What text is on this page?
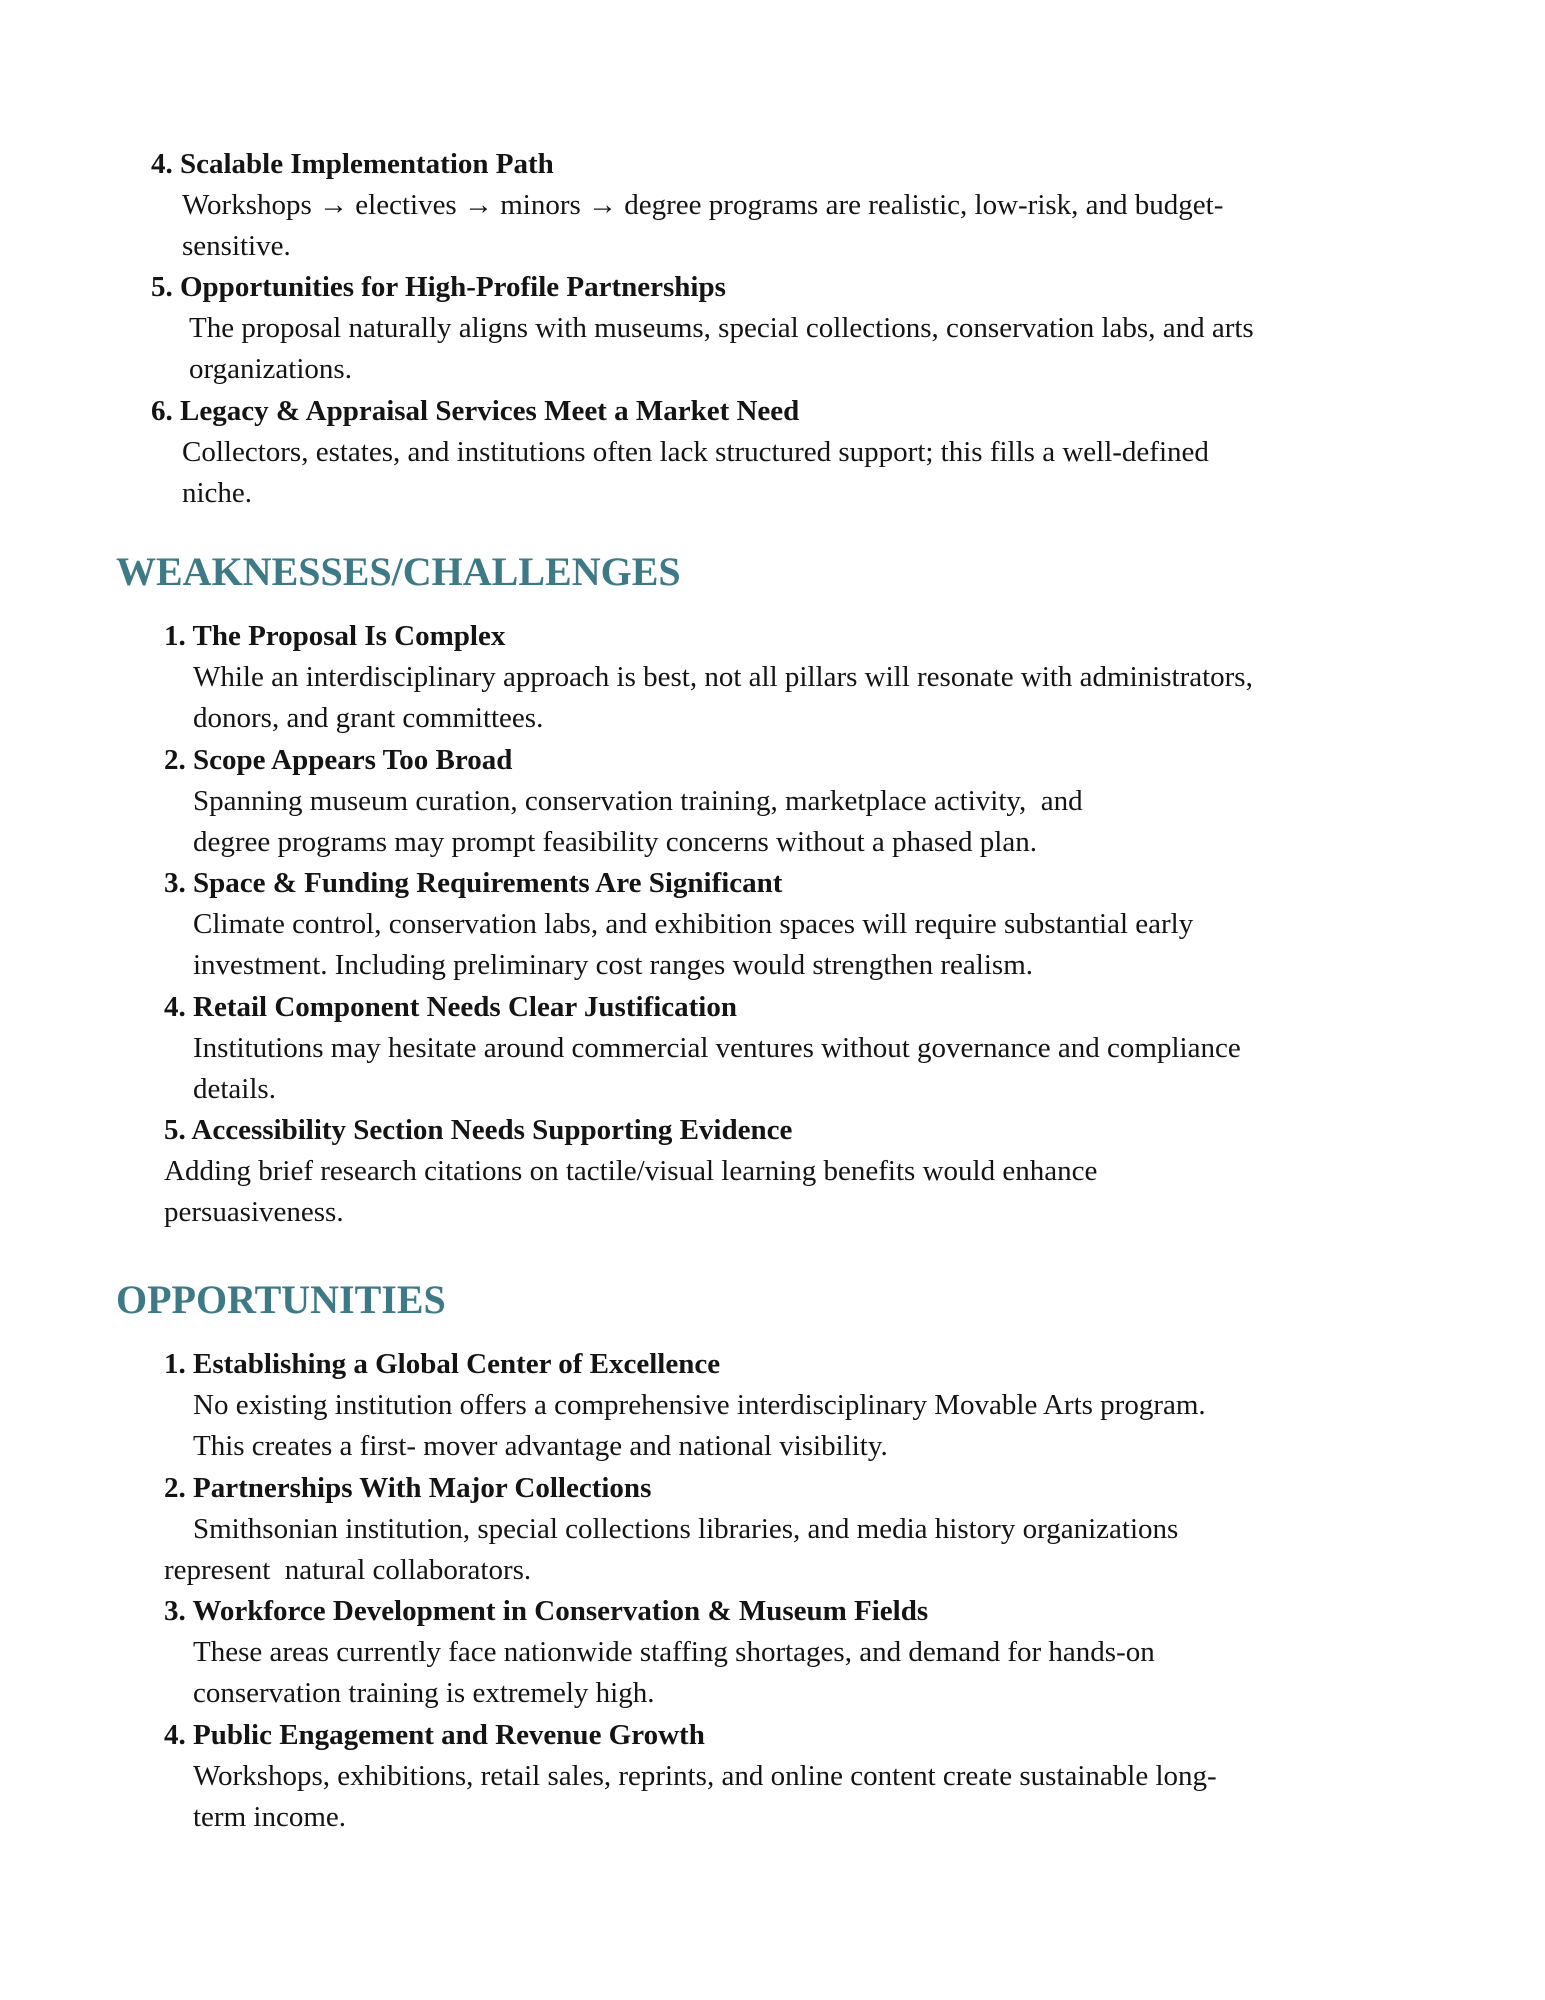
4. Scalable Implementation Path
Workshops → electives → minors → degree programs are realistic, low-risk, and budget-
sensitive.
5. Opportunities for High-Profile Partnerships
The proposal naturally aligns with museums, special collections, conservation labs, and arts
organizations.
6. Legacy & Appraisal Services Meet a Market Need
Collectors, estates, and institutions often lack structured support; this fills a well-defined
niche.
WEAKNESSES/CHALLENGES
1. The Proposal Is Complex
While an interdisciplinary approach is best, not all pillars will resonate with administrators,
donors, and grant committees.
2. Scope Appears Too Broad
Spanning museum curation, conservation training, marketplace activity,  and
degree programs may prompt feasibility concerns without a phased plan.
3. Space & Funding Requirements Are Significant
Climate control, conservation labs, and exhibition spaces will require substantial early
investment. Including preliminary cost ranges would strengthen realism.
4. Retail Component Needs Clear Justification
Institutions may hesitate around commercial ventures without governance and compliance
details.
5. Accessibility Section Needs Supporting Evidence
Adding brief research citations on tactile/visual learning benefits would enhance
persuasiveness.
OPPORTUNITIES
1. Establishing a Global Center of Excellence
No existing institution offers a comprehensive interdisciplinary Movable Arts program.
This creates a first- mover advantage and national visibility.
2. Partnerships With Major Collections
Smithsonian institution, special collections libraries, and media history organizations
represent  natural collaborators.
3. Workforce Development in Conservation & Museum Fields
These areas currently face nationwide staffing shortages, and demand for hands-on
conservation training is extremely high.
4. Public Engagement and Revenue Growth
Workshops, exhibitions, retail sales, reprints, and online content create sustainable long-
term income.
